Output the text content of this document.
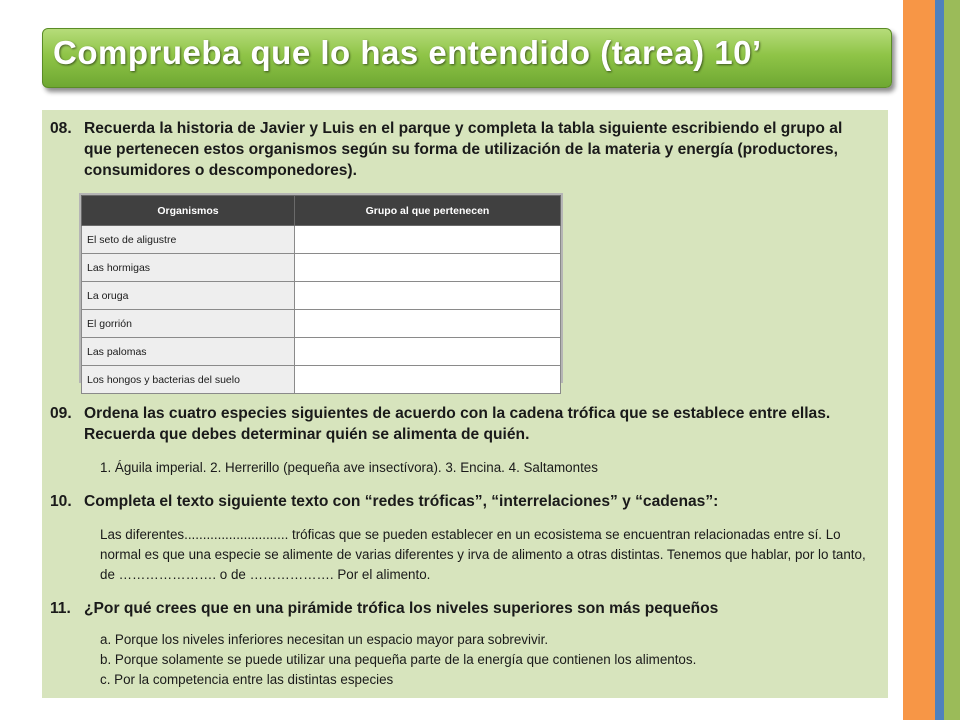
Comprueba que lo has entendido (tarea) 10’
08. Recuerda la historia de Javier y Luis en el parque y completa la tabla siguiente escribiendo el grupo al que pertenecen estos organismos según su forma de utilización de la materia y energía (productores, consumidores o descomponedores).
Organismos	Grupo al que pertenecen
El seto de aligustre	
Las hormigas	
La oruga	
El gorrión	
Las palomas	
Los hongos y bacterias del suelo	
09. Ordena las cuatro especies siguientes de acuerdo con la cadena trófica que se establece entre ellas. Recuerda que debes determinar quién se alimenta de quién.
1. Águila imperial. 2. Herrerillo (pequeña ave insectívora). 3. Encina. 4. Saltamontes
10. Completa el texto siguiente texto con “redes tróficas”, “interrelaciones” y “cadenas”:
Las diferentes............................ tróficas que se pueden establecer en un ecosistema se encuentran relacionadas entre sí. Lo normal es que una especie se alimente de varias diferentes y irva de alimento a otras distintas. Tenemos que hablar, por lo tanto, de …………………. o de ………………. Por el alimento.
11. ¿Por qué crees que en una pirámide trófica los niveles superiores son más pequeños
a. Porque los niveles inferiores necesitan un espacio mayor para sobrevivir.
b. Porque solamente se puede utilizar una pequeña parte de la energía que contienen los alimentos.
c. Por la competencia entre las distintas especies
